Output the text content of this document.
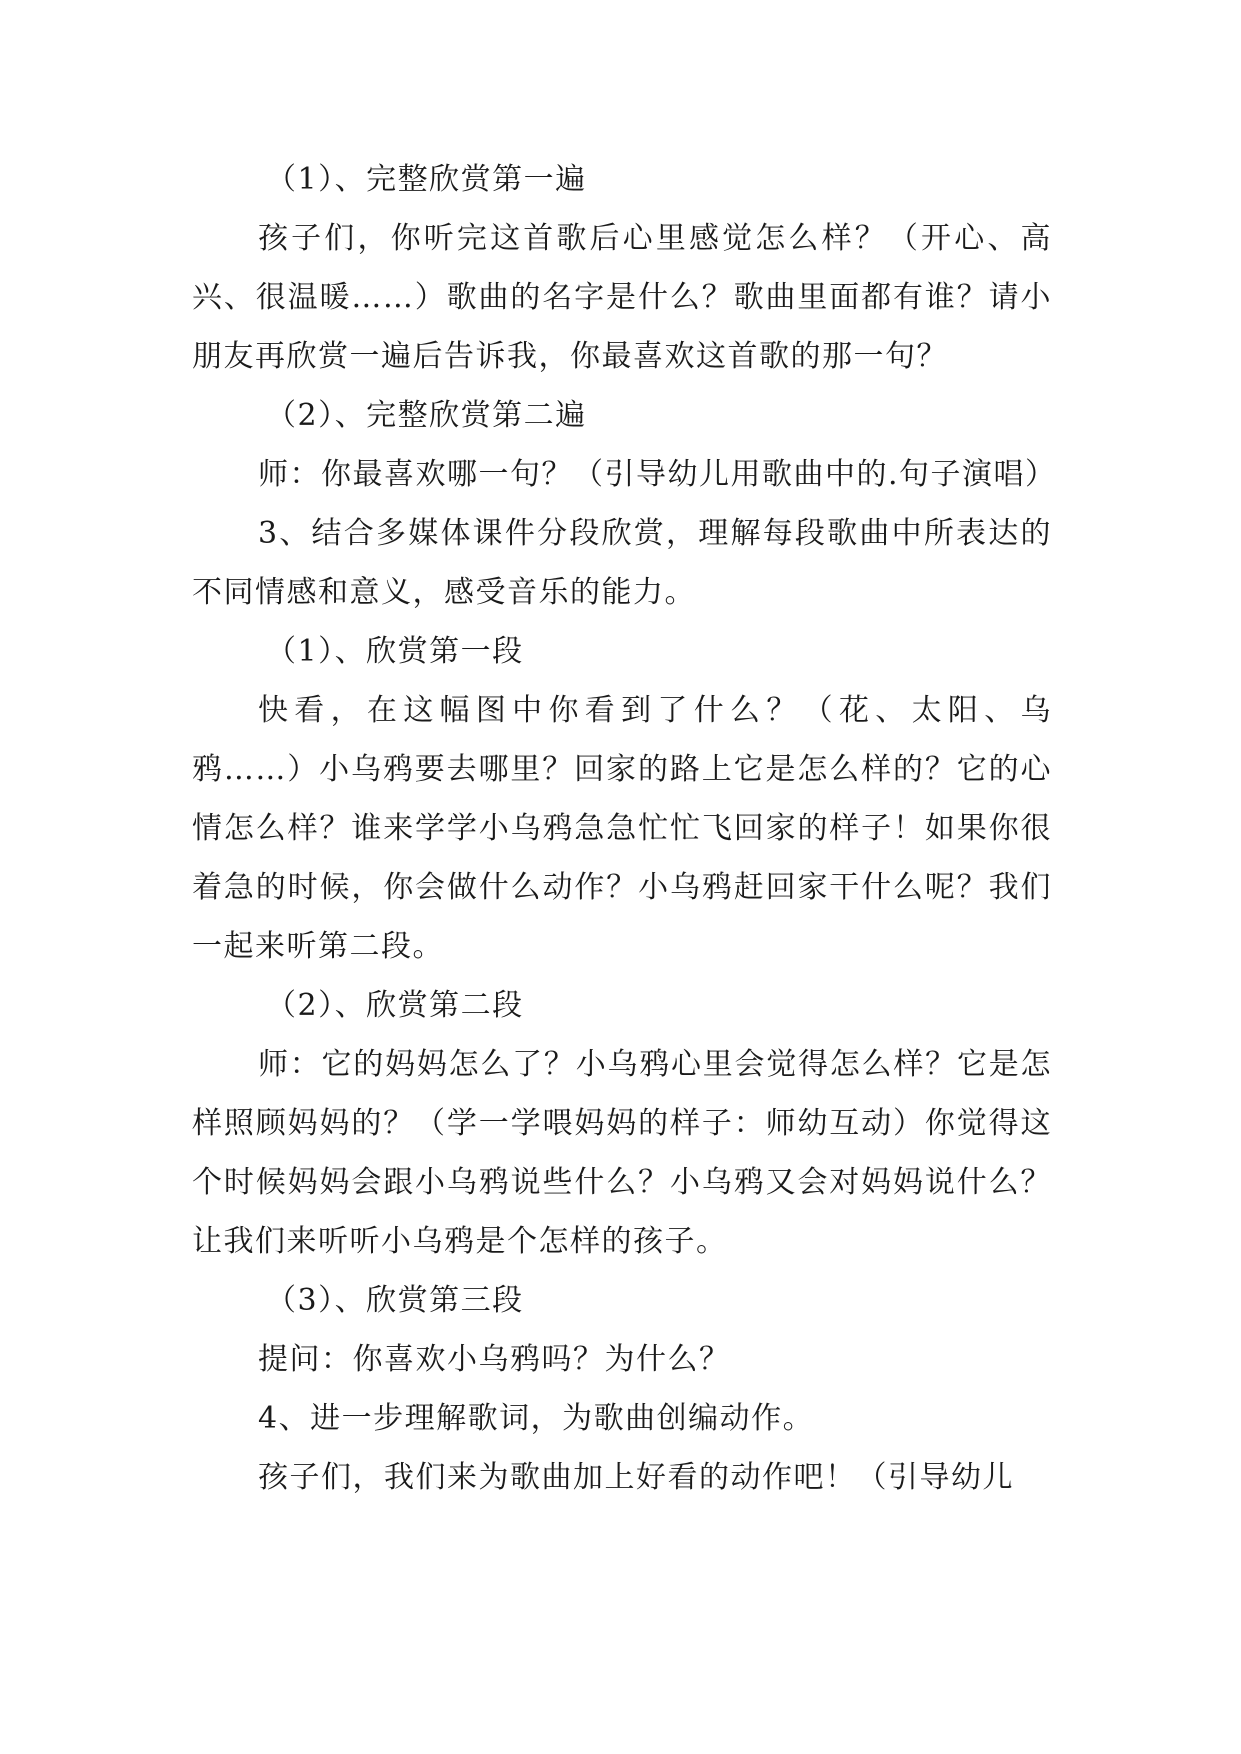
（1）、完整欣赏第一遍

孩子们，你听完这首歌后心里感觉怎么样？（开心、高兴、很温暖……）歌曲的名字是什么？歌曲里面都有谁？请小朋友再欣赏一遍后告诉我，你最喜欢这首歌的那一句？

（2）、完整欣赏第二遍

师：你最喜欢哪一句？（引导幼儿用歌曲中的.句子演唱）

3、结合多媒体课件分段欣赏，理解每段歌曲中所表达的不同情感和意义，感受音乐的能力。

（1）、欣赏第一段

快看，在这幅图中你看到了什么？（花、太阳、乌鸦……）小乌鸦要去哪里？回家的路上它是怎么样的？它的心情怎么样？谁来学学小乌鸦急急忙忙飞回家的样子！如果你很着急的时候，你会做什么动作？小乌鸦赶回家干什么呢？我们一起来听第二段。

（2）、欣赏第二段

师：它的妈妈怎么了？小乌鸦心里会觉得怎么样？它是怎样照顾妈妈的？（学一学喂妈妈的样子：师幼互动）你觉得这个时候妈妈会跟小乌鸦说些什么？小乌鸦又会对妈妈说什么？让我们来听听小乌鸦是个怎样的孩子。

（3）、欣赏第三段

提问：你喜欢小乌鸦吗？为什么？

4、进一步理解歌词，为歌曲创编动作。

孩子们，我们来为歌曲加上好看的动作吧！（引导幼儿
